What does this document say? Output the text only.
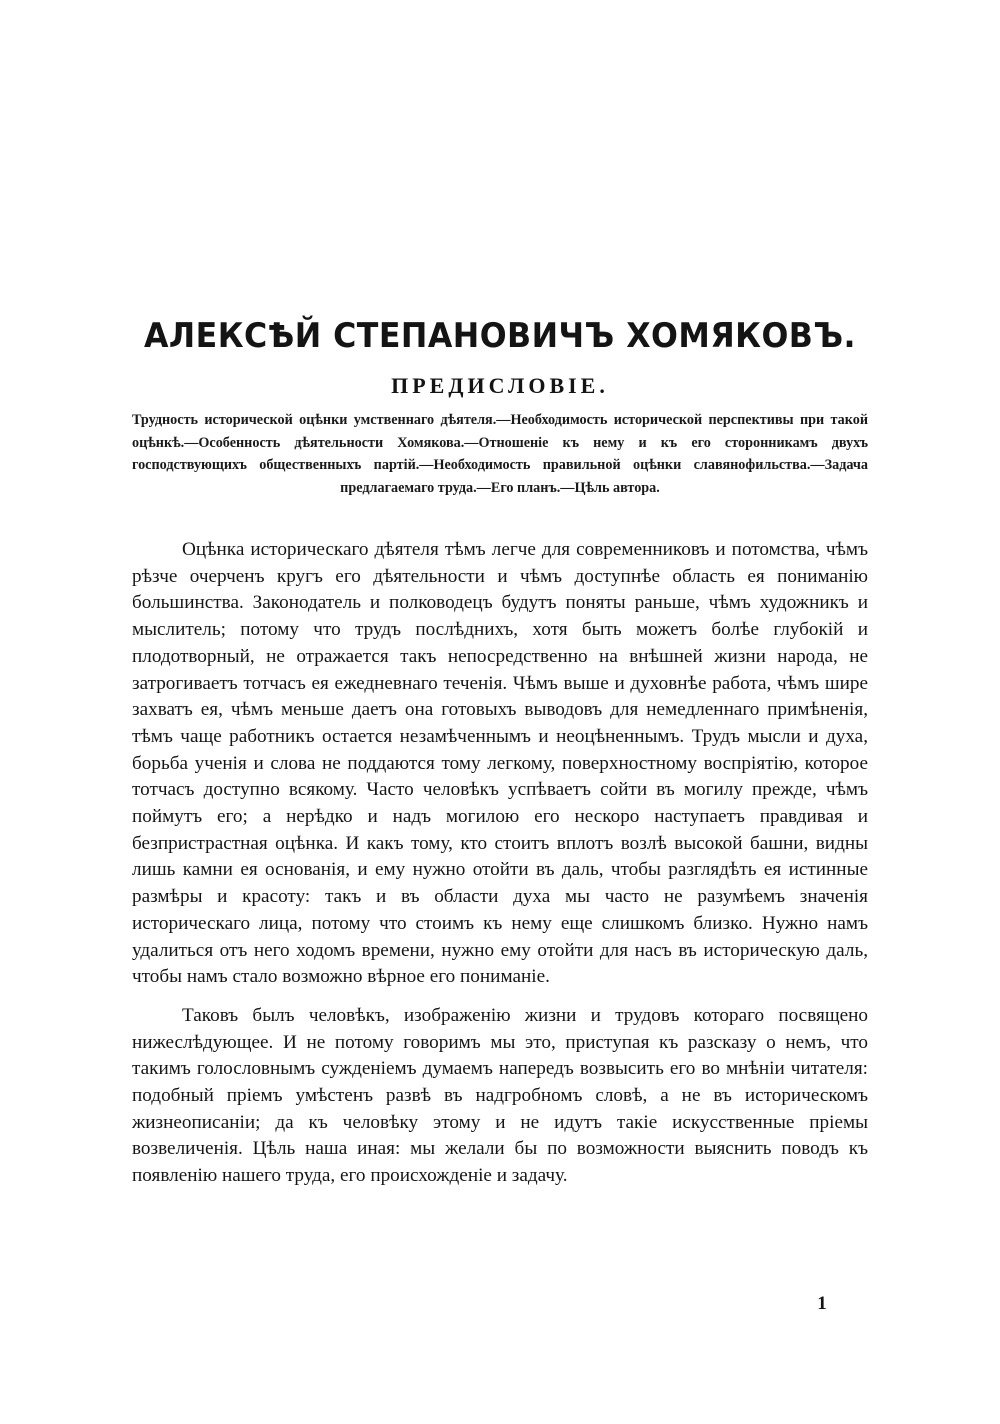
АЛЕКСѢЙ СТЕПАНОВИЧЪ ХОМЯКОВЪ.
ПРЕДИСЛОВІЕ.

Трудность исторической оцѣнки умственнаго дѣятеля.—Необходимость исторической перспективы при такой оцѣнкѣ.—Особенность дѣятельности Хомякова.—Отношеніе къ нему и къ его сторонникамъ двухъ господствующихъ общественныхъ партій.—Необходимость правильной оцѣнки славянофильства.—Задача предлагаемаго труда.—Его планъ.—Цѣль автора.

Оцѣнка историческаго дѣятеля тѣмъ легче для современниковъ и потомства, чѣмъ рѣзче очерченъ кругъ его дѣятельности и чѣмъ доступнѣе область ея пониманію большинства. Законодатель и полководецъ будутъ поняты раньше, чѣмъ художникъ и мыслитель; потому что трудъ послѣднихъ, хотя быть можетъ болѣе глубокій и плодотворный, не отражается такъ непосредственно на внѣшней жизни народа, не затрогиваетъ тотчасъ ея ежедневнаго теченія. Чѣмъ выше и духовнѣе работа, чѣмъ шире захватъ ея, чѣмъ меньше даетъ она готовыхъ выводовъ для немедленнаго примѣненія, тѣмъ чаще работникъ остается незамѣченнымъ и неоцѣненнымъ. Трудъ мысли и духа, борьба ученія и слова не поддаются тому легкому, поверхностному воспріятію, которое тотчасъ доступно всякому. Часто человѣкъ успѣваетъ сойти въ могилу прежде, чѣмъ поймутъ его; а нерѣдко и надъ могилою его нескоро наступаетъ правдивая и безпристрастная оцѣнка. И какъ тому, кто стоитъ вплотъ возлѣ высокой башни, видны лишь камни ея основанія, и ему нужно отойти въ даль, чтобы разглядѣть ея истинные размѣры и красоту: такъ и въ области духа мы часто не разумѣемъ значенія историческаго лица, потому что стоимъ къ нему еще слишкомъ близко. Нужно намъ удалиться отъ него ходомъ времени, нужно ему отойти для насъ въ историческую даль, чтобы намъ стало возможно вѣрное его пониманіе.

Таковъ былъ человѣкъ, изображенію жизни и трудовъ котораго посвящено нижеслѣдующее. И не потому говоримъ мы это, приступая къ разсказу о немъ, что такимъ голословнымъ сужденіемъ думаемъ напередъ возвысить его во мнѣніи читателя: подобный пріемъ умѣстенъ развѣ въ надгробномъ словѣ, а не въ историческомъ жизнеописаніи; да къ человѣку этому и не идутъ такіе искусственные пріемы возвеличенія. Цѣль наша иная: мы желали бы по возможности выяснить поводъ къ появленію нашего труда, его происхожденіе и задачу.

1
